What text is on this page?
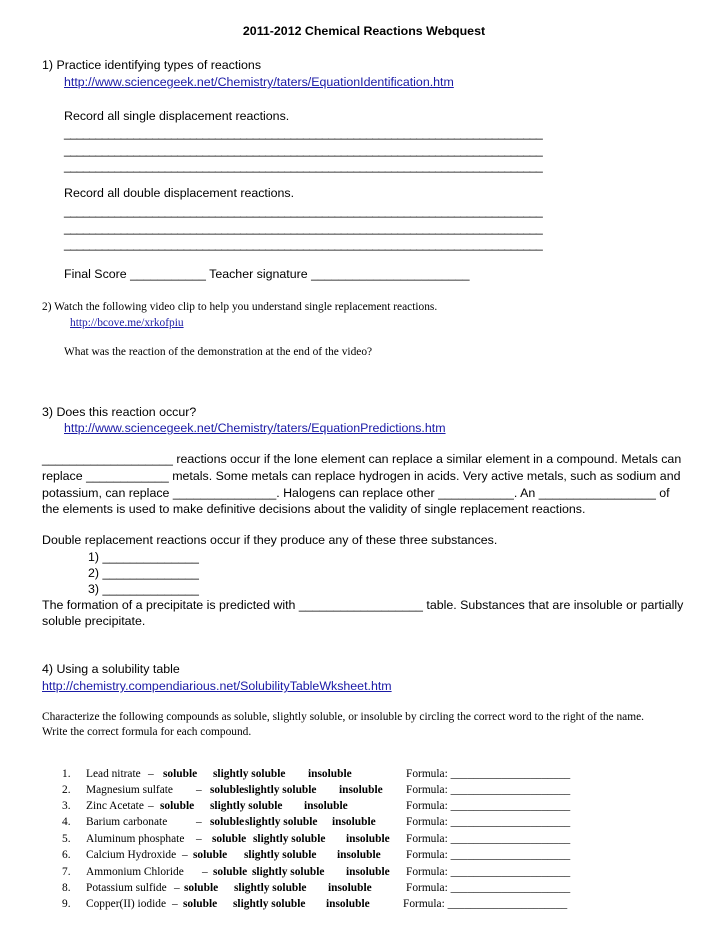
2011-2012 Chemical Reactions Webquest
1) Practice identifying types of reactions
http://www.sciencegeek.net/Chemistry/taters/EquationIdentification.htm
Record all single displacement reactions.
____________________________________________________________________________
____________________________________________________________________________
____________________________________________________________________________
Record all double displacement reactions.
____________________________________________________________________________
____________________________________________________________________________
____________________________________________________________________________
Final Score ___________ Teacher signature _______________________
2) Watch the following video clip to help you understand single replacement reactions.
http://bcove.me/xrkofpiu
What was the reaction of the demonstration at the end of the video?
3) Does this reaction occur?
http://www.sciencegeek.net/Chemistry/taters/EquationPredictions.htm
___________________ reactions occur if the lone element can replace a similar element in a compound. Metals can
replace ____________ metals. Some metals can replace hydrogen in acids. Very active metals, such as sodium and
potassium, can replace _______________. Halogens can replace other ___________. An _________________ of
the elements is used to make definitive decisions about the validity of single replacement reactions.
Double replacement reactions occur if they produce any of these three substances.
1) ______________
2) ______________
3) ______________
The formation of a precipitate is predicted with __________________ table. Substances that are insoluble or partially
soluble precipitate.
4) Using a solubility table
http://chemistry.compendiarious.net/SolubilityTableWksheet.htm
Characterize the following compounds as soluble, slightly soluble, or insoluble by circling the correct word to the right of the name.
Write the correct formula for each compound.
1. Lead nitrate – soluble slightly soluble insoluble	Formula: _____________________
2. Magnesium sulfate – soluble slightly soluble insoluble Formula: _____________________
3. Zinc Acetate – soluble slightly soluble insoluble	Formula: _____________________
4. Barium carbonate	– soluble slightly soluble insoluble	Formula: _____________________
5. Aluminum phosphate – soluble slightly soluble insoluble Formula: _____________________
6. Calcium Hydroxide – soluble slightly soluble insoluble Formula: _____________________
7. Ammonium Chloride – soluble slightly soluble insoluble Formula: _____________________
8. Potassium sulfide – soluble slightly soluble insoluble	Formula: _____________________
9. Copper(II) iodide – soluble slightly soluble insoluble	Formula: _____________________
